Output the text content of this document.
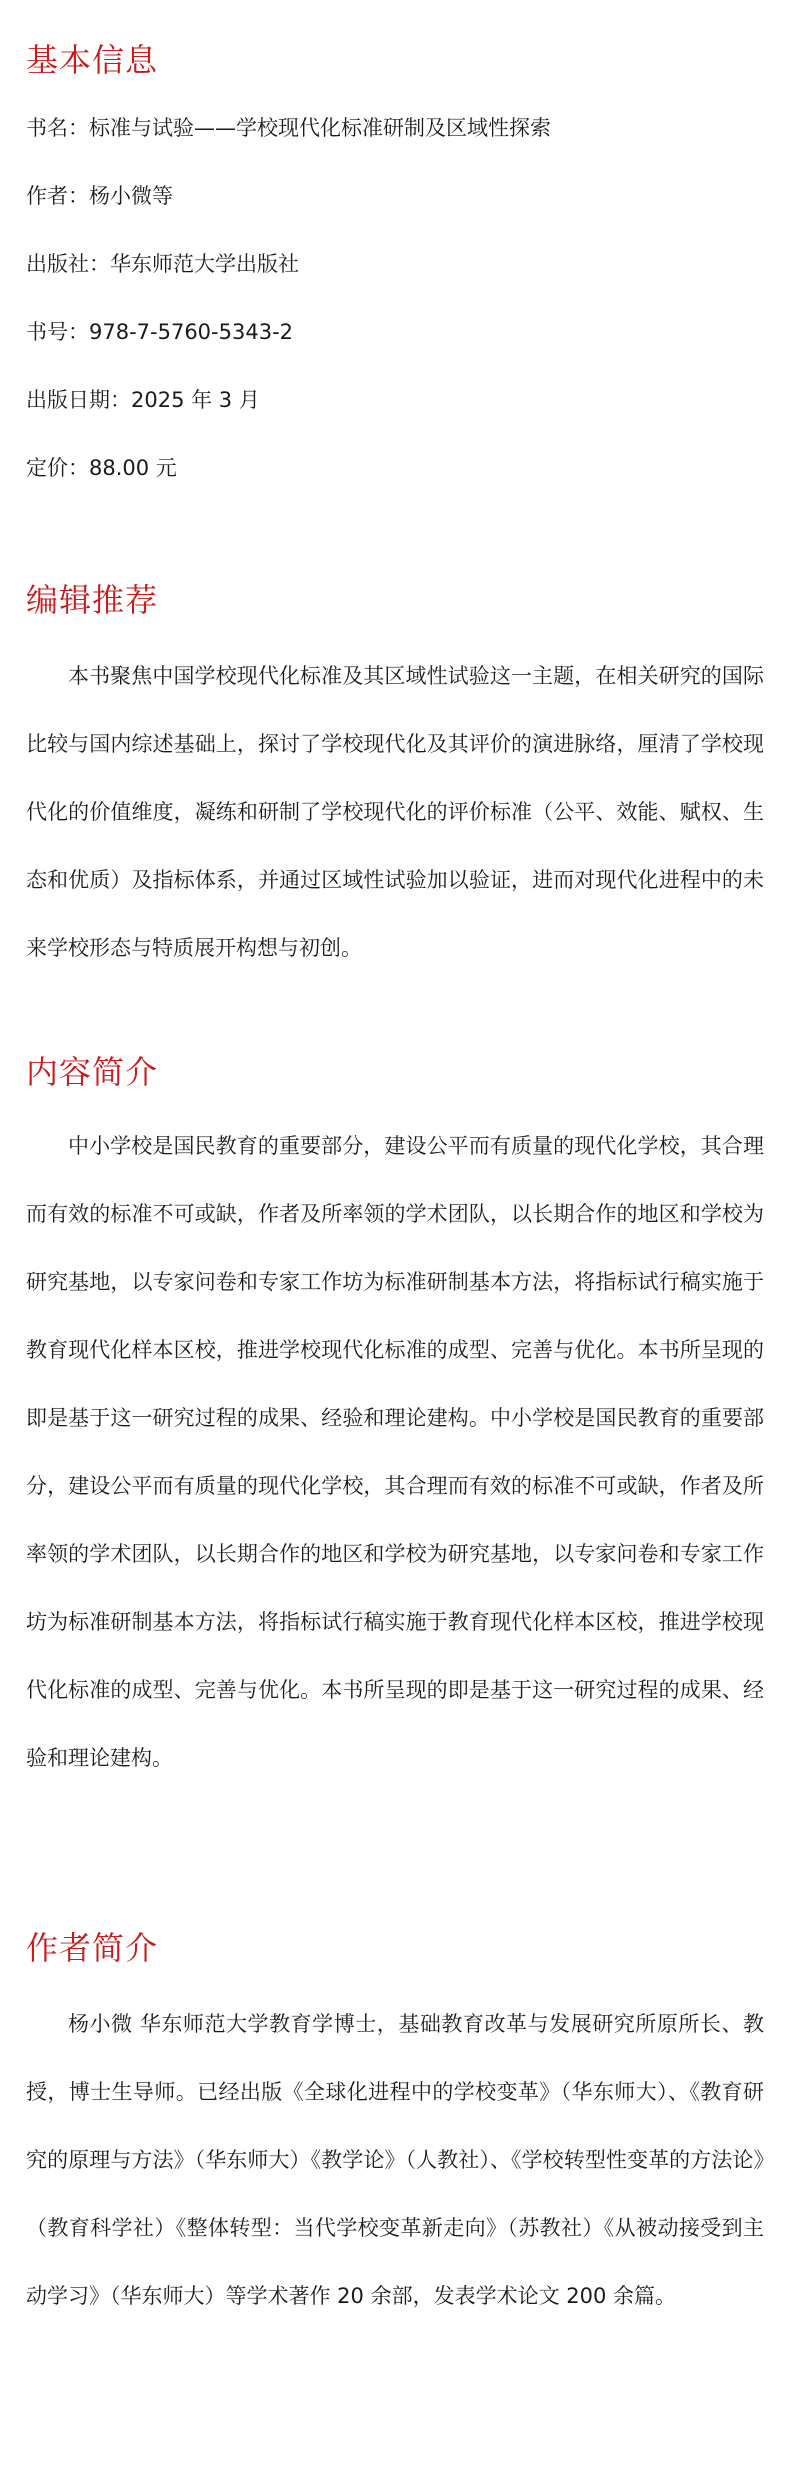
基本信息

书名：标准与试验——学校现代化标准研制及区域性探索

作者：杨小微等

出版社：华东师范大学出版社

书号：978-7-5760-5343-2

出版日期：2025 年 3 月

定价：88.00 元

编辑推荐

本书聚焦中国学校现代化标准及其区域性试验这一主题，在相关研究的国际比较与国内综述基础上，探讨了学校现代化及其评价的演进脉络，厘清了学校现代化的价值维度，凝练和研制了学校现代化的评价标准（公平、效能、赋权、生态和优质）及指标体系，并通过区域性试验加以验证，进而对现代化进程中的未来学校形态与特质展开构想与初创。

内容简介

中小学校是国民教育的重要部分，建设公平而有质量的现代化学校，其合理而有效的标准不可或缺，作者及所率领的学术团队，以长期合作的地区和学校为研究基地，以专家问卷和专家工作坊为标准研制基本方法，将指标试行稿实施于教育现代化样本区校，推进学校现代化标准的成型、完善与优化。本书所呈现的即是基于这一研究过程的成果、经验和理论建构。中小学校是国民教育的重要部分，建设公平而有质量的现代化学校，其合理而有效的标准不可或缺，作者及所率领的学术团队，以长期合作的地区和学校为研究基地，以专家问卷和专家工作坊为标准研制基本方法，将指标试行稿实施于教育现代化样本区校，推进学校现代化标准的成型、完善与优化。本书所呈现的即是基于这一研究过程的成果、经验和理论建构。

作者简介

杨小微 华东师范大学教育学博士，基础教育改革与发展研究所原所长、教授，博士生导师。已经出版《全球化进程中的学校变革》（华东师大）、《教育研究的原理与方法》（华东师大）《教学论》（人教社）、《学校转型性变革的方法论》（教育科学社）《整体转型：当代学校变革新走向》（苏教社）《从被动接受到主动学习》（华东师大）等学术著作 20 余部，发表学术论文 200 余篇。
